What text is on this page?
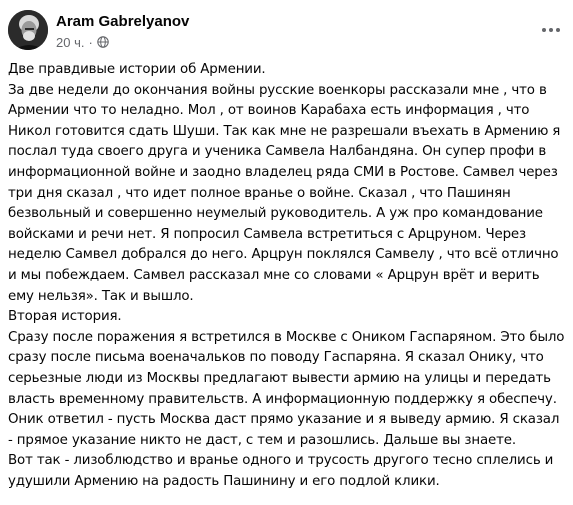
Aram Gabrelyanov
20 ч. ·

Две правдивые истории об Армении.

За две недели до окончания войны русские военкоры рассказали мне , что в Армении что то неладно. Мол , от воинов Карабаха есть информация , что Никол готовится сдать Шуши. Так как мне не разрешали въехать в Армению я послал туда своего друга и ученика Самвела Налбандяна. Он супер профи в информационной войне и заодно владелец ряда СМИ в Ростове. Самвел через три дня сказал , что идет полное вранье о войне. Сказал , что Пашинян безвольный и совершенно неумелый руководитель. А уж про командование войсками и речи нет. Я попросил Самвела встретиться с Арцруном. Через неделю Самвел добрался до него. Арцрун поклялся Самвелу , что всё отлично и мы побеждаем. Самвел рассказал мне со словами « Арцрун врёт и верить ему нельзя». Так и вышло.

Вторая история.

Сразу после поражения я встретился в Москве с Оником Гаспаряном. Это было сразу после письма военачальков по поводу Гаспаряна. Я сказал Онику, что серьезные люди из Москвы предлагают вывести армию на улицы и передать власть временному правительств. А информационную поддержку я обеспечу. Оник ответил - пусть Москва даст прямо указание и я выведу армию. Я сказал - прямое указание никто не даст, с тем и разошлись. Дальше вы знаете.

Вот так - лизоблюдство и вранье одного и трусость другого тесно сплелись и удушили Армению на радость Пашинину и его подлой клики.
